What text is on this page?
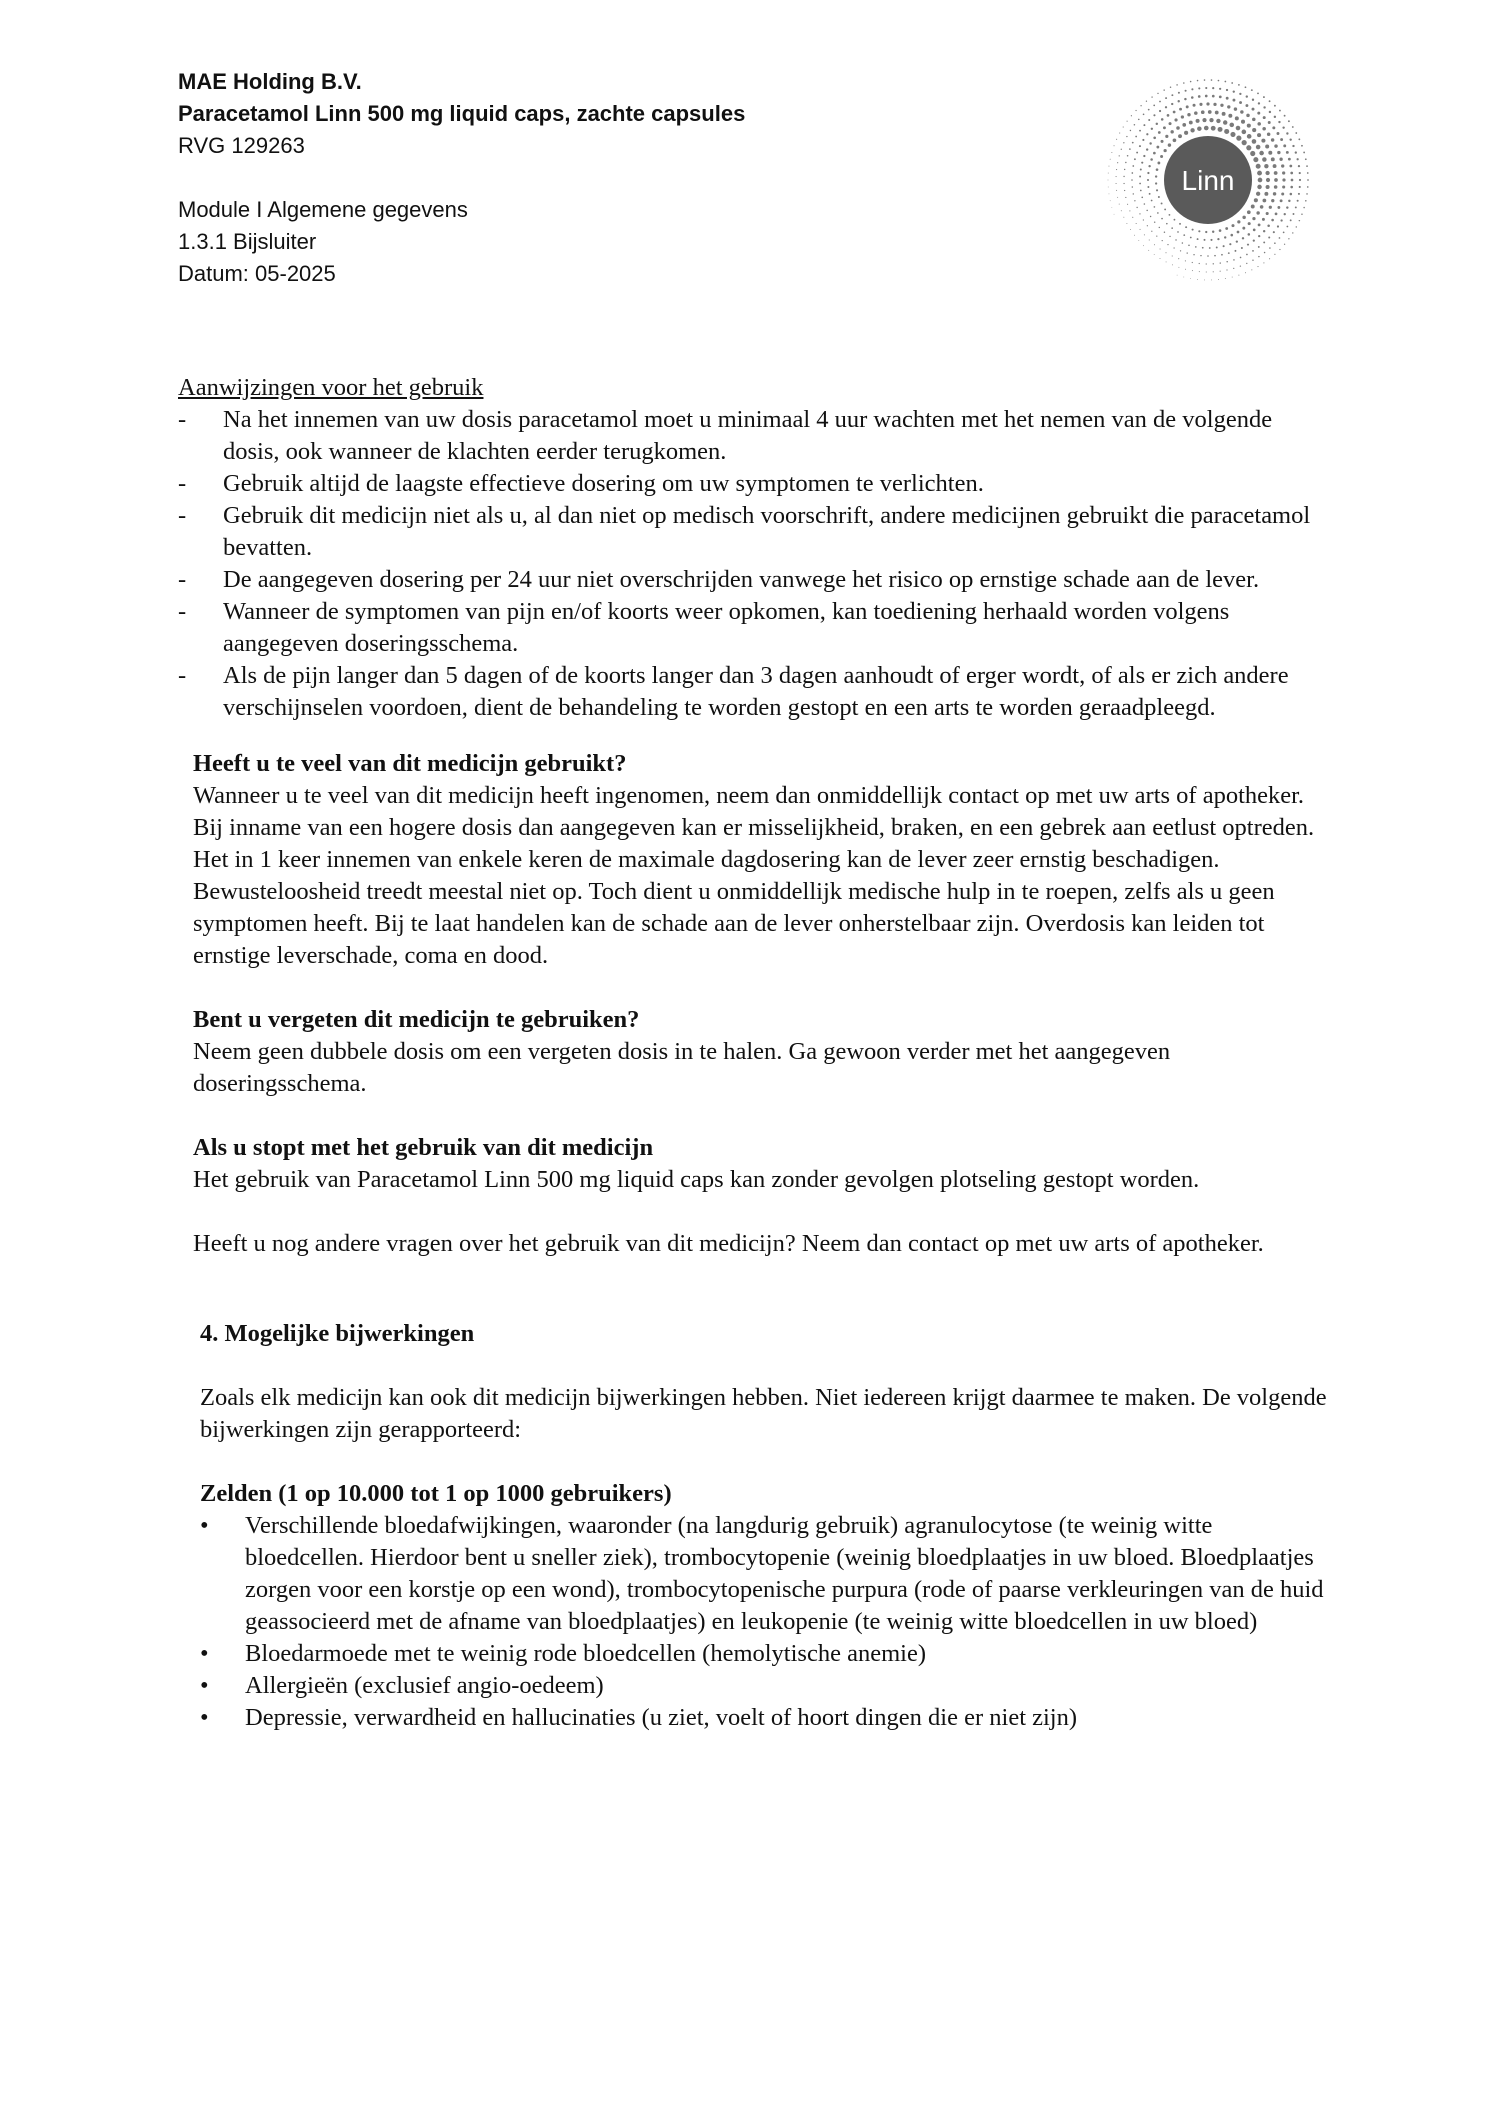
MAE Holding B.V.
Paracetamol Linn 500 mg liquid caps, zachte capsules
RVG 129263
Module I Algemene gegevens
1.3.1 Bijsluiter
Datum: 05-2025
Linn

Aanwijzingen voor het gebruik

- Na het innemen van uw dosis paracetamol moet u minimaal 4 uur wachten met het nemen van de volgende dosis, ook wanneer de klachten eerder terugkomen.
- Gebruik altijd de laagste effectieve dosering om uw symptomen te verlichten.
- Gebruik dit medicijn niet als u, al dan niet op medisch voorschrift, andere medicijnen gebruikt die paracetamol bevatten.
- De aangegeven dosering per 24 uur niet overschrijden vanwege het risico op ernstige schade aan de lever.
- Wanneer de symptomen van pijn en/of koorts weer opkomen, kan toediening herhaald worden volgens aangegeven doseringsschema.
- Als de pijn langer dan 5 dagen of de koorts langer dan 3 dagen aanhoudt of erger wordt, of als er zich andere verschijnselen voordoen, dient de behandeling te worden gestopt en een arts te worden geraadpleegd.

Heeft u te veel van dit medicijn gebruikt?

Wanneer u te veel van dit medicijn heeft ingenomen, neem dan onmiddellijk contact op met uw arts of apotheker. Bij inname van een hogere dosis dan aangegeven kan er misselijkheid, braken, en een gebrek aan eetlust optreden. Het in 1 keer innemen van enkele keren de maximale dagdosering kan de lever zeer ernstig beschadigen. Bewusteloosheid treedt meestal niet op. Toch dient u onmiddellijk medische hulp in te roepen, zelfs als u geen symptomen heeft. Bij te laat handelen kan de schade aan de lever onherstelbaar zijn. Overdosis kan leiden tot ernstige leverschade, coma en dood.

Bent u vergeten dit medicijn te gebruiken?

Neem geen dubbele dosis om een vergeten dosis in te halen. Ga gewoon verder met het aangegeven doseringsschema.

Als u stopt met het gebruik van dit medicijn

Het gebruik van Paracetamol Linn 500 mg liquid caps kan zonder gevolgen plotseling gestopt worden.

Heeft u nog andere vragen over het gebruik van dit medicijn? Neem dan contact op met uw arts of apotheker.

4. Mogelijke bijwerkingen

Zoals elk medicijn kan ook dit medicijn bijwerkingen hebben. Niet iedereen krijgt daarmee te maken. De volgende bijwerkingen zijn gerapporteerd:

Zelden (1 op 10.000 tot 1 op 1000 gebruikers)

• Verschillende bloedafwijkingen, waaronder (na langdurig gebruik) agranulocytose (te weinig witte bloedcellen. Hierdoor bent u sneller ziek), trombocytopenie (weinig bloedplaatjes in uw bloed. Bloedplaatjes zorgen voor een korstje op een wond), trombocytopenische purpura (rode of paarse verkleuringen van de huid geassocieerd met de afname van bloedplaatjes) en leukopenie (te weinig witte bloedcellen in uw bloed)
• Bloedarmoede met te weinig rode bloedcellen (hemolytische anemie)
• Allergieën (exclusief angio-oedeem)
• Depressie, verwardheid en hallucinaties (u ziet, voelt of hoort dingen die er niet zijn)
